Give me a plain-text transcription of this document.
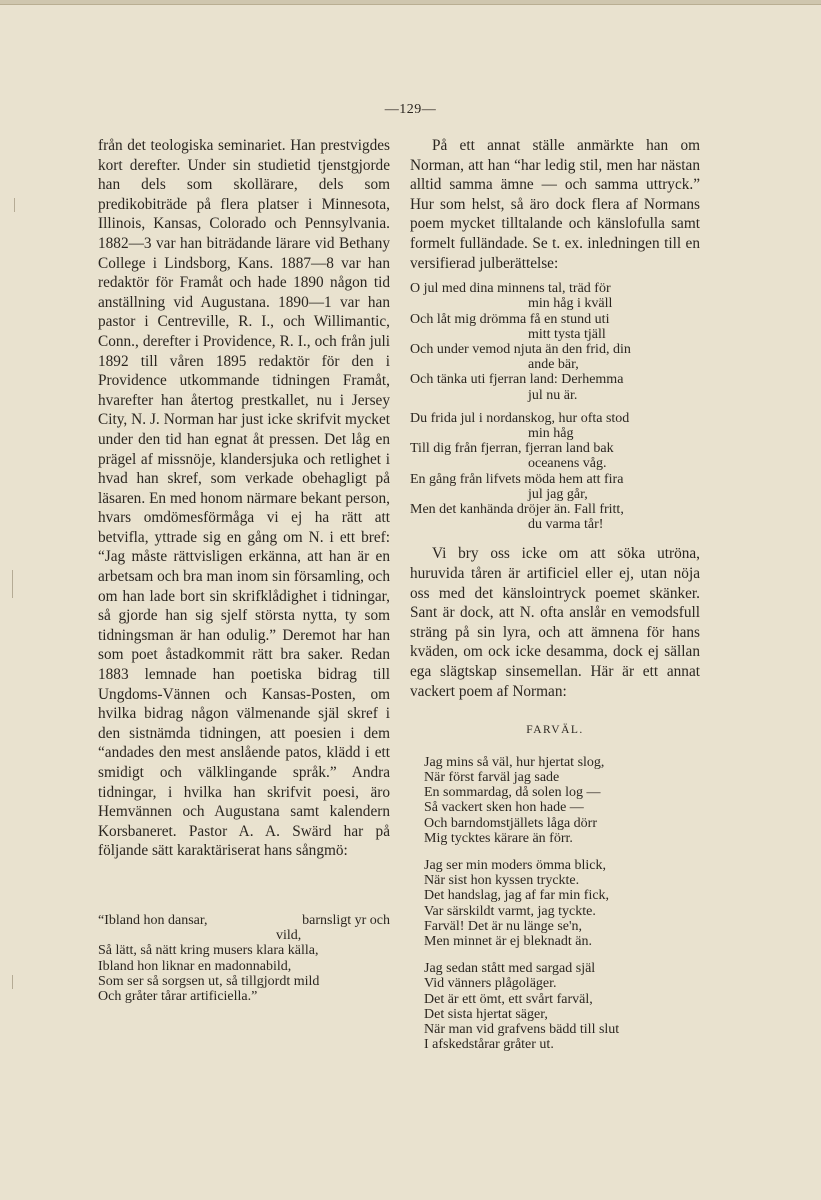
—129—

från det teologiska seminariet. Han prestvigdes kort derefter. Under sin studietid tjenstgjorde han dels som skollärare, dels som predikobiträde på flera platser i Minnesota, Illinois, Kansas, Colorado och Pennsylvania. 1882—3 var han biträdande lärare vid Bethany College i Lindsborg, Kans. 1887—8 var han redaktör för Framåt och hade 1890 någon tid anställning vid Augustana. 1890—1 var han pastor i Centreville, R. I., och Willimantic, Conn., derefter i Providence, R. I., och från juli 1892 till våren 1895 redaktör för den i Providence utkommande tidningen Framåt, hvarefter han återtog prestkallet, nu i Jersey City, N. J. Norman har just icke skrifvit mycket under den tid han egnat åt pressen. Det låg en prägel af missnöje, klandersjuka och retlighet i hvad han skref, som verkade obehagligt på läsaren. En med honom närmare bekant person, hvars omdömesförmåga vi ej ha rätt att betvifla, yttrade sig en gång om N. i ett bref: “Jag måste rättvisligen erkänna, att han är en arbetsam och bra man inom sin församling, och om han lade bort sin skrifklådighet i tidningar, så gjorde han sig sjelf största nytta, ty som tidningsman är han odulig.” Deremot har han som poet åstadkommit rätt bra saker. Redan 1883 lemnade han poetiska bidrag till Ungdoms-Vännen och Kansas-Posten, om hvilka bidrag någon välmenande själ skref i den sistnämda tidningen, att poesien i dem “andades den mest anslående patos, klädd i ett smidigt och välklingande språk.” Andra tidningar, i hvilka han skrifvit poesi, äro Hemvännen och Augustana samt kalendern Korsbaneret. Pastor A. A. Swärd har på följande sätt karaktäriserat hans sångmö:

“Ibland hon dansar,	barnsligt yr och
vild,
Så lätt, så nätt kring musers klara källa,
Ibland hon liknar en madonnabild,
Som ser så sorgsen ut, så tillgjordt mild
Och gråter tårar artificiella.”

På ett annat ställe anmärkte han om Norman, att han “har ledig stil, men har nästan alltid samma ämne — och samma uttryck.” Hur som helst, så äro dock flera af Normans poem mycket tilltalande och känslofulla samt formelt fulländade. Se t. ex. inledningen till en versifierad julberättelse:

O jul med dina minnens tal, träd för
min håg i kväll
Och låt mig drömma få en stund uti
mitt tysta tjäll
Och under vemod njuta än den frid, din
ande bär,
Och tänka uti fjerran land: Derhemma
jul nu är.
Du frida jul i nordanskog, hur ofta stod
min håg
Till dig från fjerran, fjerran land bak
oceanens våg.
En gång från lifvets möda hem att fira
jul jag går,
Men det kanhända dröjer än. Fall fritt,
du varma tår!

Vi bry oss icke om att söka utröna, huruvida tåren är artificiel eller ej, utan nöja oss med det känslointryck poemet skänker. Sant är dock, att N. ofta anslår en vemodsfull sträng på sin lyra, och att ämnena för hans kväden, om ock icke desamma, dock ej sällan ega slägtskap sinsemellan. Här är ett annat vackert poem af Norman:

FARVÄL.
Jag mins så väl, hur hjertat slog,
När först farväl jag sade
En sommardag, då solen log —
Så vackert sken hon hade —
Och barndomstjällets låga dörr
Mig tycktes kärare än förr.
Jag ser min moders ömma blick,
När sist hon kyssen tryckte.
Det handslag, jag af far min fick,
Var särskildt varmt, jag tyckte.
Farväl! Det är nu länge se'n,
Men minnet är ej bleknadt än.
Jag sedan stått med sargad själ
Vid vänners plågoläger.
Det är ett ömt, ett svårt farväl,
Det sista hjertat säger,
När man vid grafvens bädd till slut
I afskedstårar gråter ut.
